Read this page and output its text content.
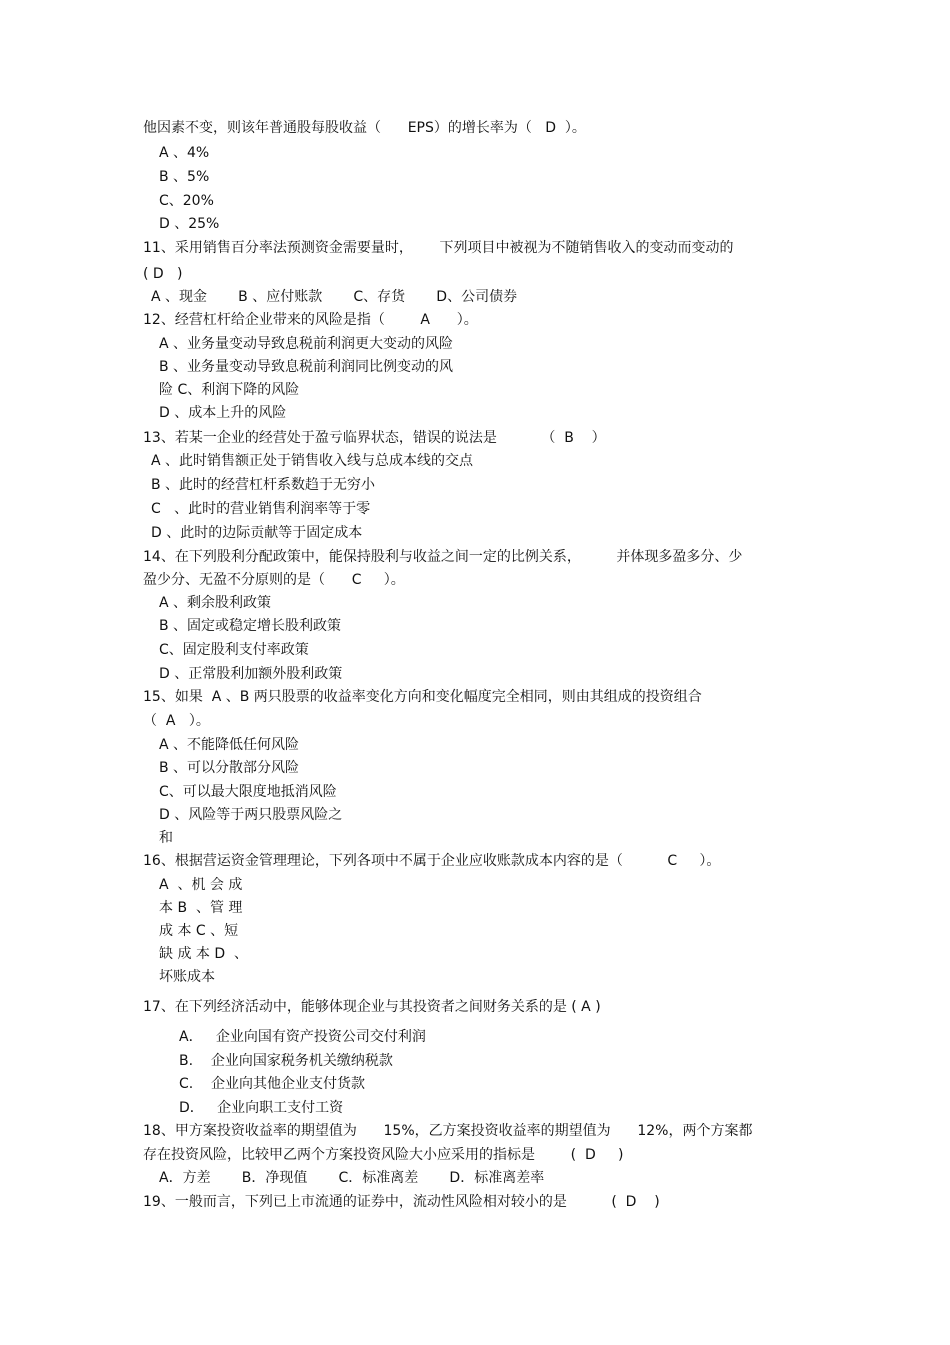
他因素不变，则该年普通股每股收益（      EPS）的增长率为（   D  ）。
A 、4%
B 、5%
C、20%
D 、25%
11、采用销售百分率法预测资金需要量时，      下列项目中被视为不随销售收入的变动而变动的
( D   )
A 、现金       B 、应付账款       C、存货       D、公司债券
12、经营杠杆给企业带来的风险是指（        A      ）。
A 、业务量变动导致息税前利润更大变动的风险
B 、业务量变动导致息税前利润同比例变动的风
险 C、利润下降的风险
D 、成本上升的风险
13、若某一企业的经营处于盈亏临界状态，错误的说法是          （  B    ）
A 、此时销售额正处于销售收入线与总成本线的交点
B 、此时的经营杠杆系数趋于无穷小
C   、此时的营业销售利润率等于零
D 、此时的边际贡献等于固定成本
14、在下列股利分配政策中，能保持股利与收益之间一定的比例关系，        并体现多盈多分、少
盈少分、无盈不分原则的是（      C     ）。
A 、剩余股利政策
B 、固定或稳定增长股利政策
C、固定股利支付率政策
D 、正常股利加额外股利政策
15、如果  A 、B 两只股票的收益率变化方向和变化幅度完全相同，则由其组成的投资组合
（  A   ）。
A 、不能降低任何风险
B 、可以分散部分风险
C、可以最大限度地抵消风险
D 、风险等于两只股票风险之
和
16、根据营运资金管理理论，下列各项中不属于企业应收账款成本内容的是（          C     ）。
A  、机 会 成
本 B  、管 理
成 本 C 、短
缺 成 本 D  、
坏账成本
17、在下列经济活动中，能够体现企业与其投资者之间财务关系的是 ( A )
A．   企业向国有资产投资公司交付利润
B.    企业向国家税务机关缴纳税款
C.    企业向其他企业支付货款
D．   企业向职工支付工资
18、甲方案投资收益率的期望值为      15%，乙方案投资收益率的期望值为      12%，两个方案都
存在投资风险，比较甲乙两个方案投资风险大小应采用的指标是        (  D     )
A．方差       B．净现值       C．标准离差       D．标准离差率
19、一般而言，下列已上市流通的证券中，流动性风险相对较小的是          (  D    )
